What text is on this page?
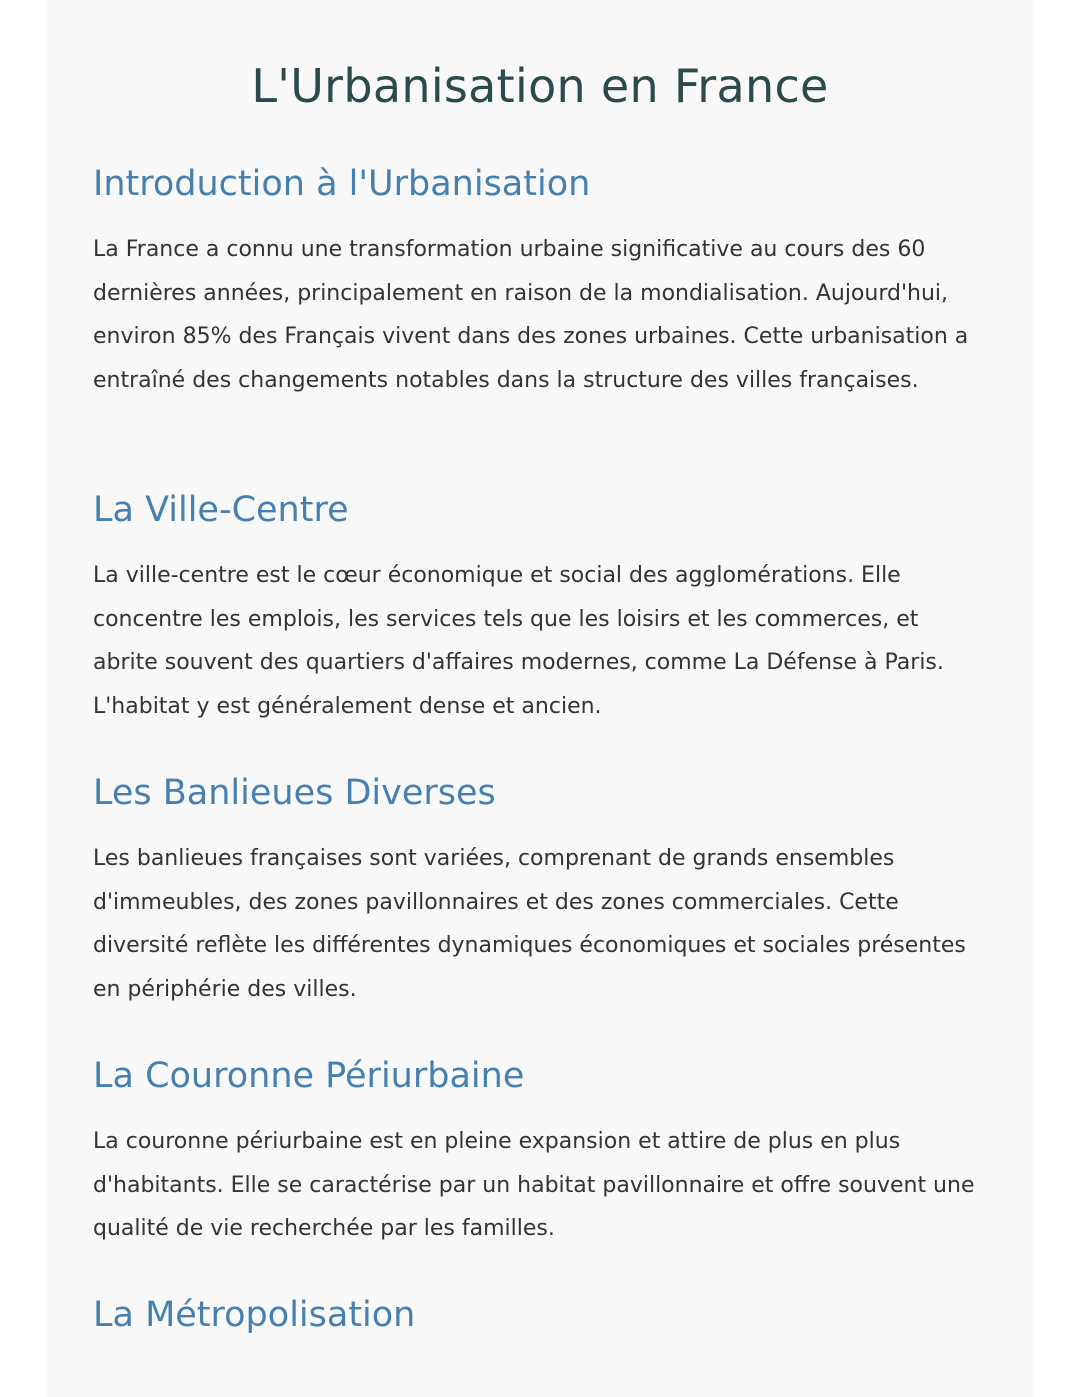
L'Urbanisation en France
Introduction à l'Urbanisation

La France a connu une transformation urbaine significative au cours des 60 dernières années, principalement en raison de la mondialisation. Aujourd'hui, environ 85% des Français vivent dans des zones urbaines. Cette urbanisation a entraîné des changements notables dans la structure des villes françaises.

La Ville-Centre

La ville-centre est le cœur économique et social des agglomérations. Elle concentre les emplois, les services tels que les loisirs et les commerces, et abrite souvent des quartiers d'affaires modernes, comme La Défense à Paris. L'habitat y est généralement dense et ancien.

Les Banlieues Diverses

Les banlieues françaises sont variées, comprenant de grands ensembles d'immeubles, des zones pavillonnaires et des zones commerciales. Cette diversité reflète les différentes dynamiques économiques et sociales présentes en périphérie des villes.

La Couronne Périurbaine

La couronne périurbaine est en pleine expansion et attire de plus en plus d'habitants. Elle se caractérise par un habitat pavillonnaire et offre souvent une qualité de vie recherchée par les familles.

La Métropolisation
